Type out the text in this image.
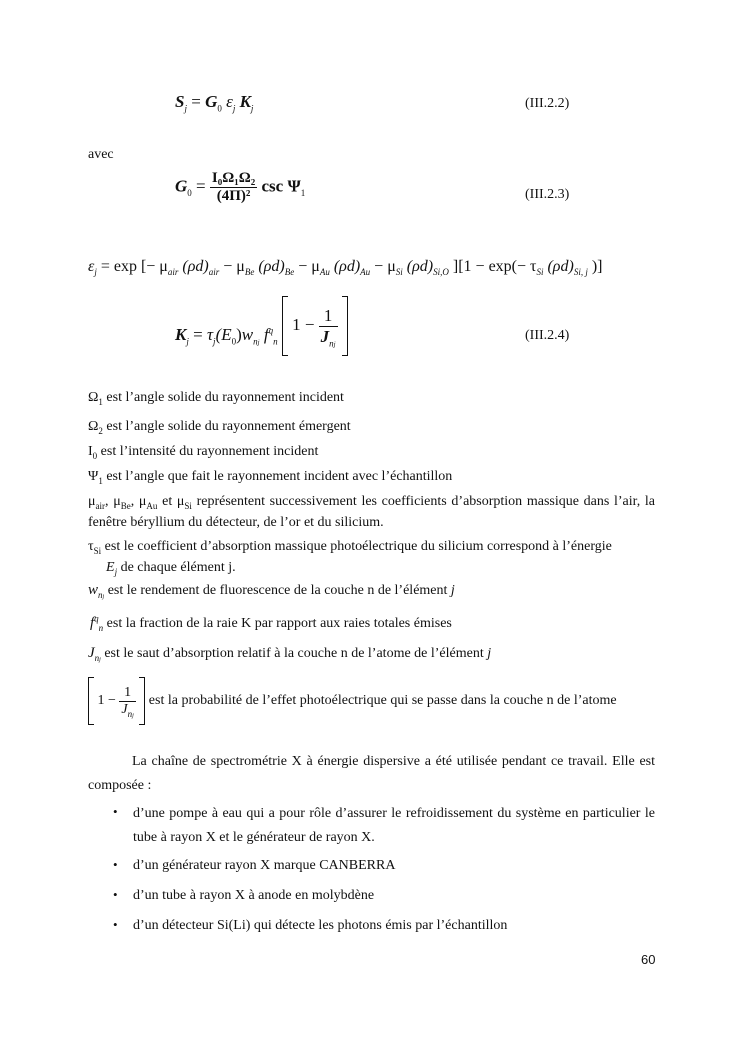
$S_j = G_0$ $\varepsilon_j$ $K_j$	(III.2.2)
avec
$G_0 = \frac{\text{I₀Ω₁Ω₂}}{\text{(4Π)²}}$ $\csc \Psi_1$	(III.2.3)
$\varepsilon_j = \exp$ [− $\mu_{air}$ $(\rho d)_{air} - \mu_{Be}$ $(\rho d)_{Be} - \mu_{Au}$ $(\rho d)_{Au} - \mu_{Si}$ $(\rho d)_{Si,O}$ ][$1 - \exp(- \tau_{Si}$ $(\rho d)_{Si, j}$ )]
$K_j = \tau_j(E_0)w_{nj}$ $f^q_n$  $1 - \frac{1}{J_{nj}}$
	(III.2.4)
$\Omega_1$ est l’angle solide du rayonnement incident
$\Omega_2$ est l’angle solide du rayonnement émergent
$I_0$ est l’intensité du rayonnement incident
$\Psi_1$ est l’angle que fait le rayonnement incident avec l’échantillon
$\mu_{air}$, $\mu_{Be}$, $\mu_{Au}$ et $\mu_{Si}$ représentent successivement les coefficients d’absorption massique dans l’air, la fenêtre béryllium du détecteur, de l’or et du silicium.
$\tau_{Si}$ est le coefficient d’absorption massique photoélectrique du silicium correspond à l’énergie
$E_j$ de chaque élément j.
$w_{nj}$ est le rendement de fluorescence de la couche n de l’élément j
$f^q_n$ est la fraction de la raie K par rapport aux raies totales émises
$J_{nj}$ est le saut d’absorption relatif à la couche n de l’atome de l’élément j
$1 - \frac{1}{J_{nj}}$ est la probabilité de l’effet photoélectrique qui se passe dans la couche n de l’atome
La chaîne de spectrométrie X à énergie dispersive a été utilisée pendant ce travail. Elle est composée :
• d’une pompe à eau qui a pour rôle d’assurer le refroidissement du système en particulier le tube à rayon X et le générateur de rayon X.
• d’un générateur rayon X marque CANBERRA
• d’un tube à rayon X à anode en molybdène
• d’un détecteur Si(Li) qui détecte les photons émis par l’échantillon
60
